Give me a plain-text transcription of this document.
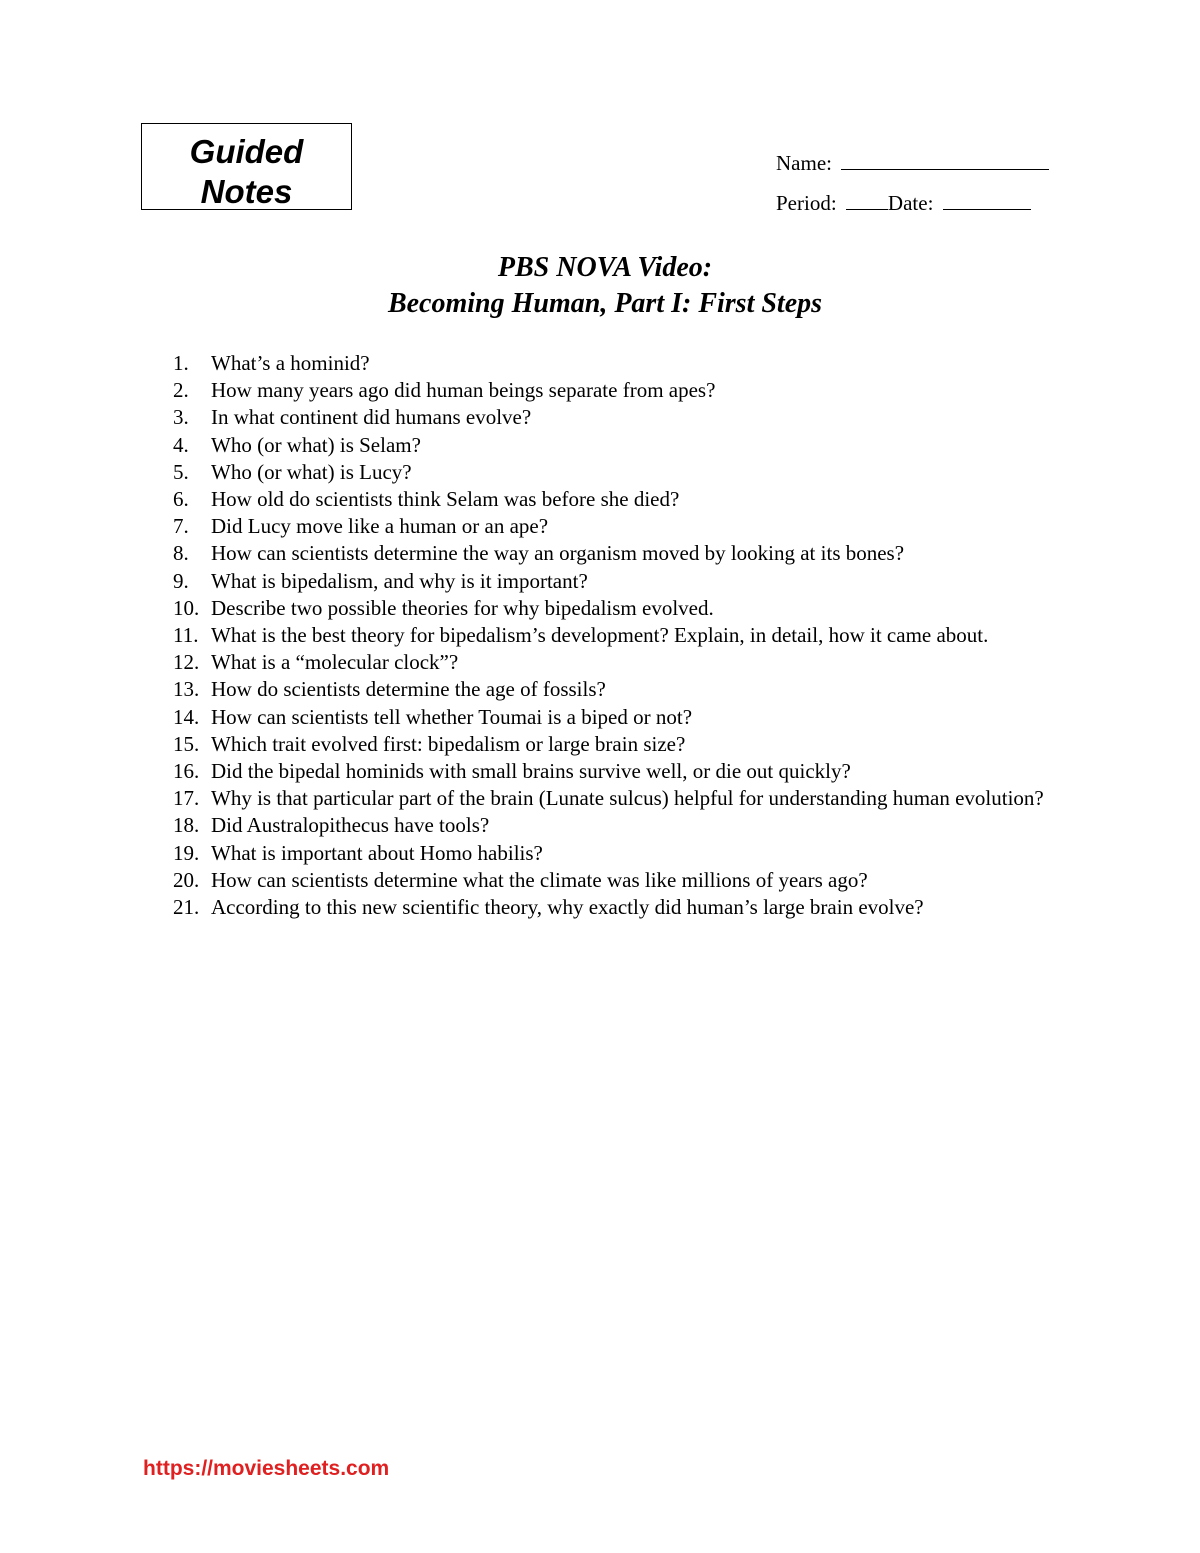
Guided
Notes
Name:
Period: Date:
PBS NOVA Video:
Becoming Human, Part I: First Steps
1.	What’s a hominid?
2.	How many years ago did human beings separate from apes?
3.	In what continent did humans evolve?
4.	Who (or what) is Selam?
5.	Who (or what) is Lucy?
6.	How old do scientists think Selam was before she died?
7.	Did Lucy move like a human or an ape?
8.	How can scientists determine the way an organism moved by looking at its bones?
9.	What is bipedalism, and why is it important?
10. Describe two possible theories for why bipedalism evolved.
11. What is the best theory for bipedalism’s development? Explain, in detail, how it came about.
12. What is a “molecular clock”?
13. How do scientists determine the age of fossils?
14. How can scientists tell whether Toumai is a biped or not?
15. Which trait evolved first: bipedalism or large brain size?
16. Did the bipedal hominids with small brains survive well, or die out quickly?
17. Why is that particular part of the brain (Lunate sulcus) helpful for understanding human evolution?
18. Did Australopithecus have tools?
19. What is important about Homo habilis?
20. How can scientists determine what the climate was like millions of years ago?
21. According to this new scientific theory, why exactly did human’s large brain evolve?
https://moviesheets.com
